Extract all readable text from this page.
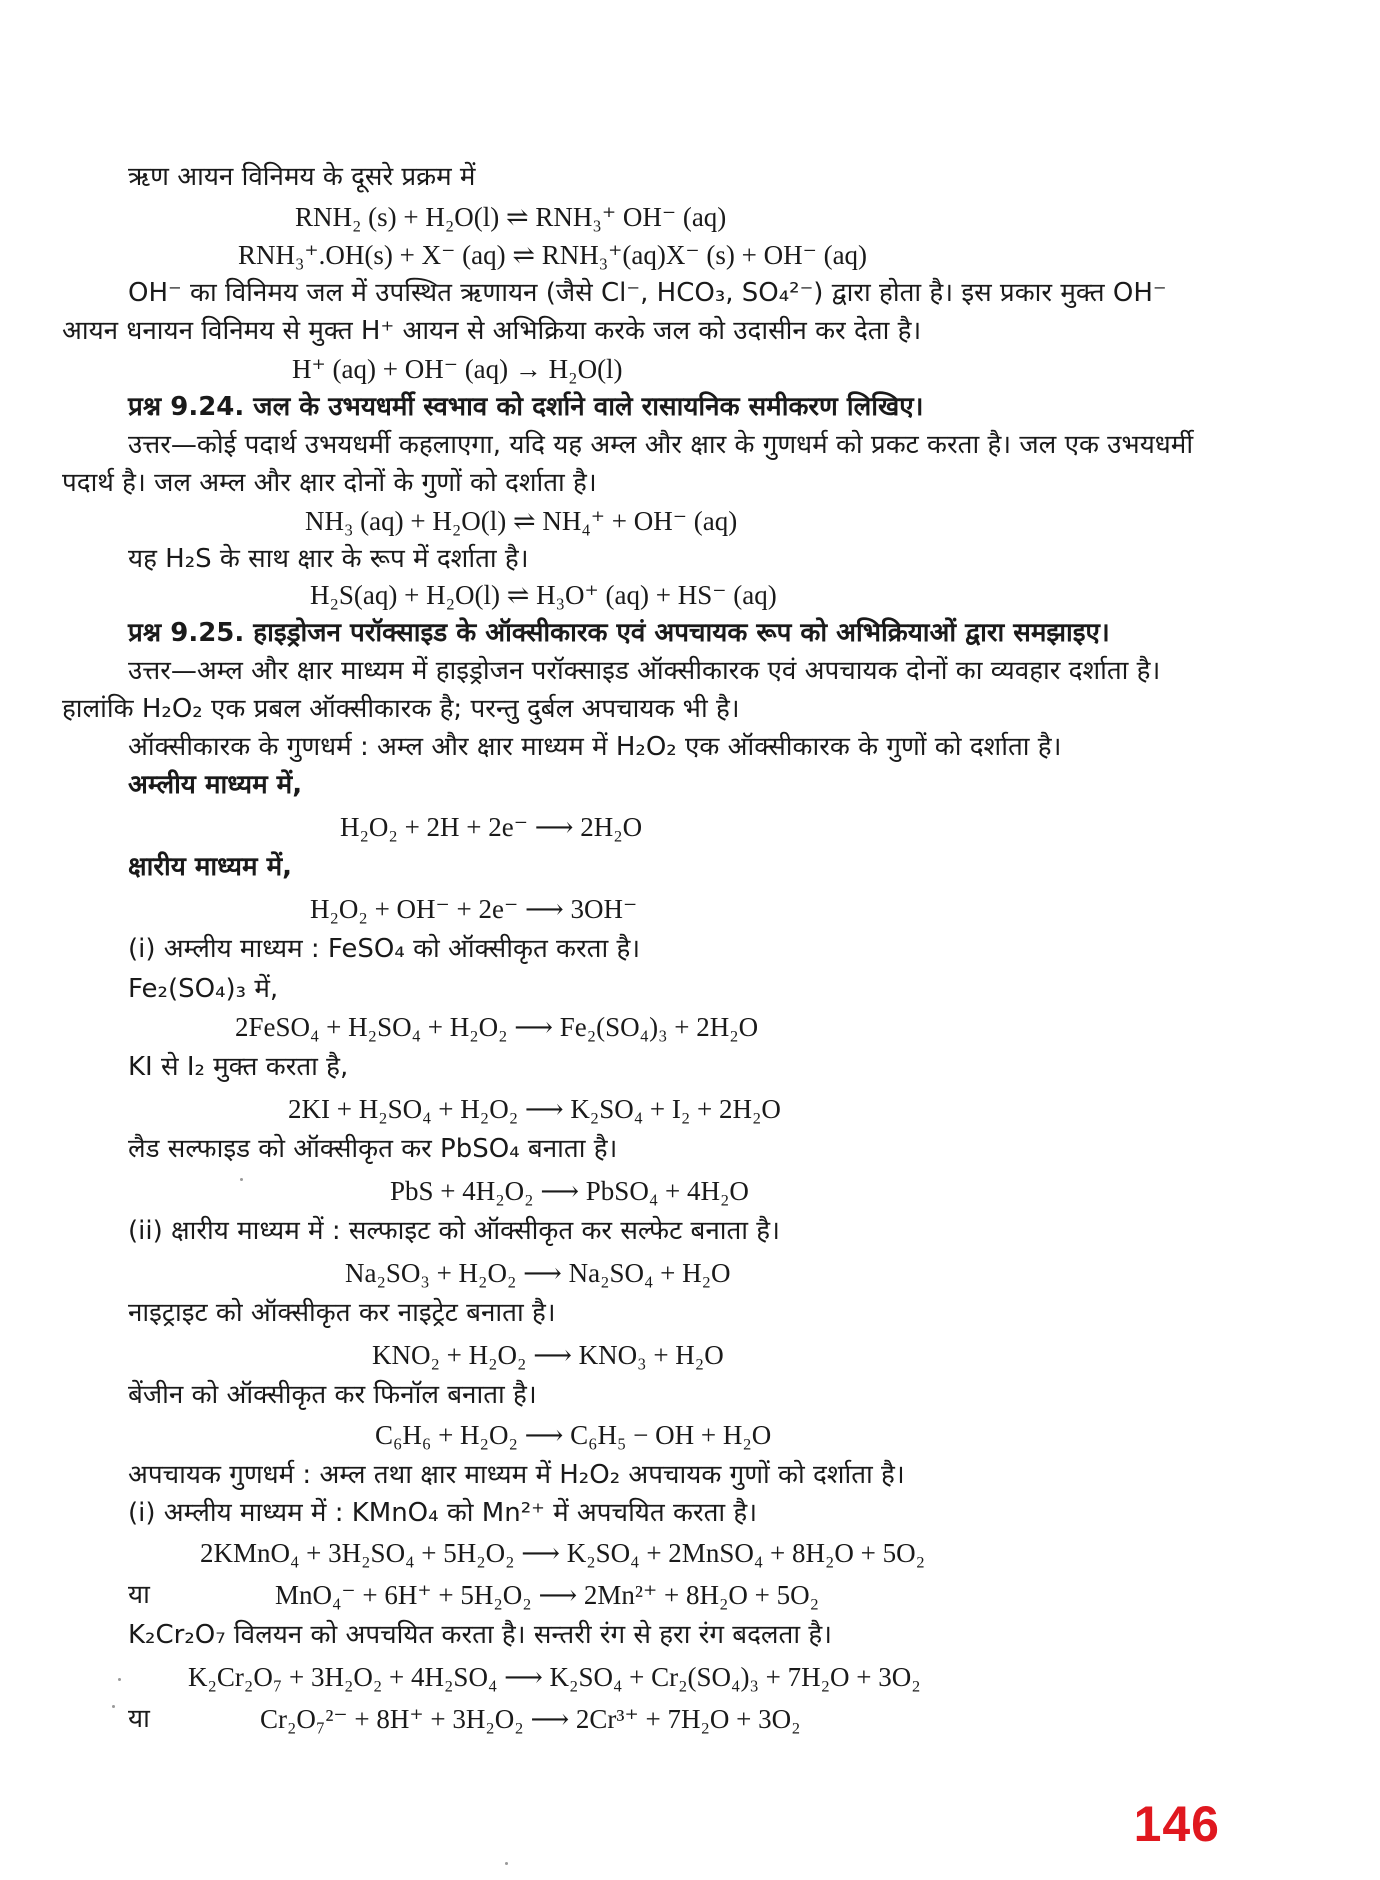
ऋण आयन विनिमय के दूसरे प्रक्रम में
RNH₂ (s) + H₂O(l) ⇌ RNH₃⁺ OH⁻ (aq)
RNH₃⁺.OH(s) + X⁻ (aq) ⇌ RNH₃⁺(aq)X⁻ (s) + OH⁻ (aq)
OH⁻ का विनिमय जल में उपस्थित ऋणायन (जैसे Cl⁻, HCO₃, SO₄²⁻) द्वारा होता है। इस प्रकार मुक्त OH⁻
आयन धनायन विनिमय से मुक्त H⁺ आयन से अभिक्रिया करके जल को उदासीन कर देता है।
H⁺ (aq) + OH⁻ (aq) → H₂O(l)
प्रश्न 9.24. जल के उभयधर्मी स्वभाव को दर्शाने वाले रासायनिक समीकरण लिखिए।
उत्तर—कोई पदार्थ उभयधर्मी कहलाएगा, यदि यह अम्ल और क्षार के गुणधर्म को प्रकट करता है। जल एक उभयधर्मी
पदार्थ है। जल अम्ल और क्षार दोनों के गुणों को दर्शाता है।
NH₃ (aq) + H₂O(l) ⇌ NH₄⁺ + OH⁻ (aq)
यह H₂S के साथ क्षार के रूप में दर्शाता है।
H₂S(aq) + H₂O(l) ⇌ H₃O⁺ (aq) + HS⁻ (aq)
प्रश्न 9.25. हाइड्रोजन परॉक्साइड के ऑक्सीकारक एवं अपचायक रूप को अभिक्रियाओं द्वारा समझाइए।
उत्तर—अम्ल और क्षार माध्यम में हाइड्रोजन परॉक्साइड ऑक्सीकारक एवं अपचायक दोनों का व्यवहार दर्शाता है।
हालांकि H₂O₂ एक प्रबल ऑक्सीकारक है; परन्तु दुर्बल अपचायक भी है।
ऑक्सीकारक के गुणधर्म : अम्ल और क्षार माध्यम में H₂O₂ एक ऑक्सीकारक के गुणों को दर्शाता है।
अम्लीय माध्यम में,
H₂O₂ + 2H + 2e⁻ ⟶ 2H₂O
क्षारीय माध्यम में,
H₂O₂ + OH⁻ + 2e⁻ ⟶ 3OH⁻
(i) अम्लीय माध्यम : FeSO₄ को ऑक्सीकृत करता है।
Fe₂(SO₄)₃ में,
2FeSO₄ + H₂SO₄ + H₂O₂ ⟶ Fe₂(SO₄)₃ + 2H₂O
KI से I₂ मुक्त करता है,
2KI + H₂SO₄ + H₂O₂ ⟶ K₂SO₄ + I₂ + 2H₂O
लैड सल्फाइड को ऑक्सीकृत कर PbSO₄ बनाता है।
PbS + 4H₂O₂ ⟶ PbSO₄ + 4H₂O
(ii) क्षारीय माध्यम में : सल्फाइट को ऑक्सीकृत कर सल्फेट बनाता है।
Na₂SO₃ + H₂O₂ ⟶ Na₂SO₄ + H₂O
नाइट्राइट को ऑक्सीकृत कर नाइट्रेट बनाता है।
KNO₂ + H₂O₂ ⟶ KNO₃ + H₂O
बेंजीन को ऑक्सीकृत कर फिनॉल बनाता है।
C₆H₆ + H₂O₂ ⟶ C₆H₅ − OH + H₂O
अपचायक गुणधर्म : अम्ल तथा क्षार माध्यम में H₂O₂ अपचायक गुणों को दर्शाता है।
(i) अम्लीय माध्यम में : KMnO₄ को Mn²⁺ में अपचयित करता है।
2KMnO₄ + 3H₂SO₄ + 5H₂O₂ ⟶ K₂SO₄ + 2MnSO₄ + 8H₂O + 5O₂
या	MnO₄⁻ + 6H⁺ + 5H₂O₂ ⟶ 2Mn²⁺ + 8H₂O + 5O₂
K₂Cr₂O₇ विलयन को अपचयित करता है। सन्तरी रंग से हरा रंग बदलता है।
K₂Cr₂O₇ + 3H₂O₂ + 4H₂SO₄ ⟶ K₂SO₄ + Cr₂(SO₄)₃ + 7H₂O + 3O₂
या	Cr₂O₇²⁻ + 8H⁺ + 3H₂O₂ ⟶ 2Cr³⁺ + 7H₂O + 3O₂
146
